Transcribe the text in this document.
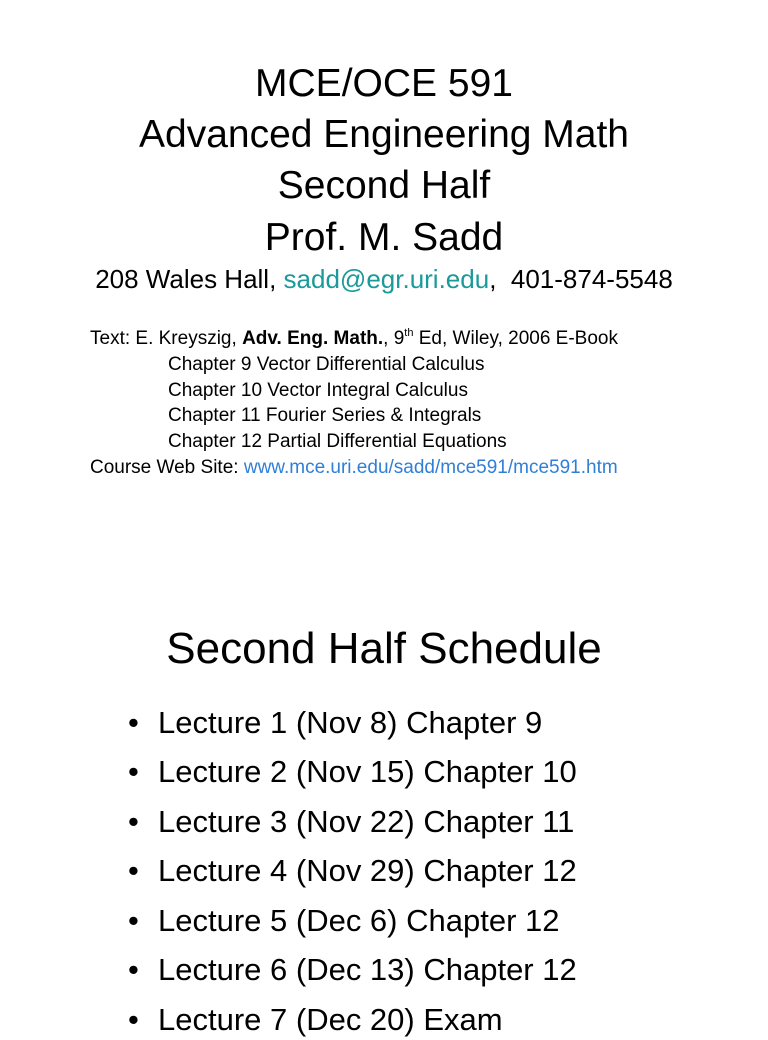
MCE/OCE 591
Advanced Engineering Math
Second Half
Prof. M. Sadd
208 Wales Hall, sadd@egr.uri.edu, 401-874-5548
Text: E. Kreyszig, Adv. Eng. Math., 9th Ed, Wiley, 2006 E-Book
Chapter 9 Vector Differential Calculus
Chapter 10 Vector Integral Calculus
Chapter 11 Fourier Series & Integrals
Chapter 12 Partial Differential Equations
Course Web Site: www.mce.uri.edu/sadd/mce591/mce591.htm
Second Half Schedule
• Lecture 1 (Nov 8) Chapter 9
• Lecture 2 (Nov 15) Chapter 10
• Lecture 3 (Nov 22) Chapter 11
• Lecture 4 (Nov 29) Chapter 12
• Lecture 5 (Dec 6) Chapter 12
• Lecture 6 (Dec 13) Chapter 12
• Lecture 7 (Dec 20) Exam
